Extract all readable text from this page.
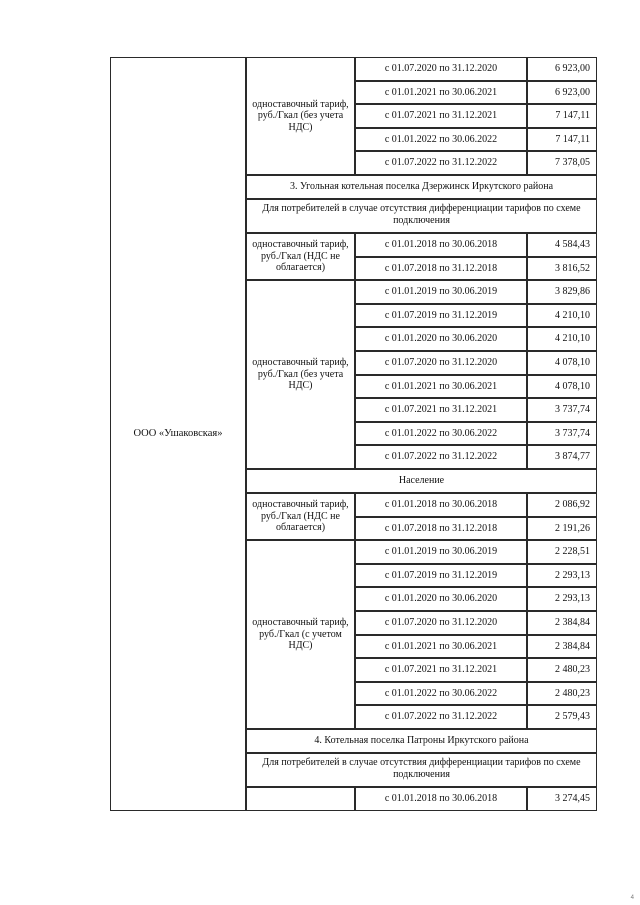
одноставочный тариф, руб./Гкал (без учета НДС)
с 01.07.2020 по 31.12.2020	6 923,00
с 01.01.2021 по 30.06.2021	6 923,00
с 01.07.2021 по 31.12.2021	7 147,11
с 01.01.2022 по 30.06.2022	7 147,11
с 01.07.2022 по 31.12.2022	7 378,05
3. Угольная котельная поселка Дзержинск Иркутского района
Для потребителей в случае отсутствия дифференциации тарифов по схеме подключения
одноставочный тариф, руб./Гкал (НДС не облагается)
с 01.01.2018 по 30.06.2018	4 584,43
с 01.07.2018 по 31.12.2018	3 816,52
одноставочный тариф, руб./Гкал (без учета НДС)
с 01.01.2019 по 30.06.2019	3 829,86
с 01.07.2019 по 31.12.2019	4 210,10
с 01.01.2020 по 30.06.2020	4 210,10
с 01.07.2020 по 31.12.2020	4 078,10
с 01.01.2021 по 30.06.2021	4 078,10
с 01.07.2021 по 31.12.2021	3 737,74
с 01.01.2022 по 30.06.2022	3 737,74
с 01.07.2022 по 31.12.2022	3 874,77
Население
одноставочный тариф, руб./Гкал (НДС не облагается)
с 01.01.2018 по 30.06.2018	2 086,92
с 01.07.2018 по 31.12.2018	2 191,26
одноставочный тариф, руб./Гкал (с учетом НДС)
с 01.01.2019 по 30.06.2019	2 228,51
с 01.07.2019 по 31.12.2019	2 293,13
с 01.01.2020 по 30.06.2020	2 293,13
с 01.07.2020 по 31.12.2020	2 384,84
с 01.01.2021 по 30.06.2021	2 384,84
с 01.07.2021 по 31.12.2021	2 480,23
с 01.01.2022 по 30.06.2022	2 480,23
с 01.07.2022 по 31.12.2022	2 579,43
4. Котельная поселка Патроны Иркутского района
Для потребителей в случае отсутствия дифференциации тарифов по схеме подключения
с 01.01.2018 по 30.06.2018	3 274,45
ООО «Ушаковская»
4
